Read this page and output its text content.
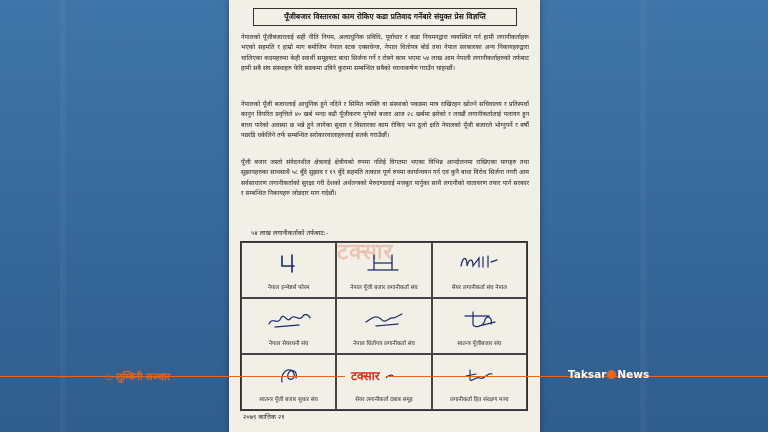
पूँजीबजार विस्तारका काम रोकिए कडा प्रतिवाद गर्नेबारे संयुक्त प्रेस विज्ञप्ति
नेपालको पूँजीबजारलाई सही नीति नियम, अत्याधुनिक प्रविधि, पूर्वाधार र कडा नियमनद्वारा व्यवस्थित गर्न हामी लगानीकर्ताहरू भएको सहमति र हाम्रो माग बमोजिम नेपाल स्टक एक्सचेन्ज, नेपाल धितोपत्र बोर्ड तथा नेपाल सरकारका अन्य निकायहरुद्वारा चालिएका कदमहरुमा केही स्वार्थी समूहबाट बाधा सिर्जना गर्ने र रोक्ने काम भएमा ५४ लाख आम नेपाली लगानीकर्ताहरुको तर्फबाट हामी सबै संघ संस्थाहरु फेरि सडकमा उत्रिने कुरामा सम्बन्धित सबैको ध्यानाकर्षण गराउँन चाहन्छौं।
नेपालको पूँजी बजारलाई आधुनिक हुने नदिने र सिमित व्यक्ति वा संस्थाको पकडमा मात्र राखिरहन खोज्ने सचिवालय र प्रतिस्पर्धा कानुन विपरित प्रवृत्तिले ४० खर्ब भन्दा बढी पूँजीकरण पुगेको बजार आज २८ खर्बमा झरेको र लाखौं लगानीकर्तालाई पलायन हुन बाध्य पारेको अवस्था छ भन्ने हुने लागेका सुधार र विस्तारका काम रोकिए भन ठूलो क्षति नेपालको पूँजी बजारले भोग्नुपर्ने र बर्षौ पछाडि धकेलिने तर्फ सम्बन्धित सरोकारवालाहरुलाई सतर्क गराउँछौं।
पूँजी बजार जस्तो संवेदनशील क्षेत्रलाई क्षेत्रीयको रुपमा नलिई विगतमा भएका विभिन्न आन्दोलनमा राखिएका मागहरु तथा सुझावहरुका साथसाथै ५८ बुँदे सुझाव र १९ बुँदे सहमति तत्काल पूर्ण रुपमा कार्यान्वयन गर्न एवं कुनै बाधा विरोध सिर्जना नगरी आम सर्वसाधारण लगानीकर्ताको सुरक्षा गरी देशको अर्थतन्त्रको मेरुदण्डलाई मजबुत पार्नुका साथै लगानीको वातावरण तयार पार्न सरकार र सम्बन्धित निकायहरु जोडदार माग गर्दछौं।
टक्सार
५४ लाख लगानीकर्ताको तर्फबाट:-
नेपाल इन्भेष्टर्स फोरम	नेपाल पूँजी बजार लगानीकर्ता संघ	सेयर लगानीकर्ता संघ नेपाल
नेपाल सेयरधनी संघ	नेपाल धितोपत्र लगानीकर्ता संघ	स्वतन्त्र पूँजीबजार संघ
स्वतन्त्र पूँजी बजार सुधार संघ	सेयर लगानीकर्ता दबाब समूह	लगानीकर्ता हित संरक्षण मञ्च
२०७९ कात्तिक २१
♨ लुम्बिनी सञ्चार	टक्सार	Taksar News
